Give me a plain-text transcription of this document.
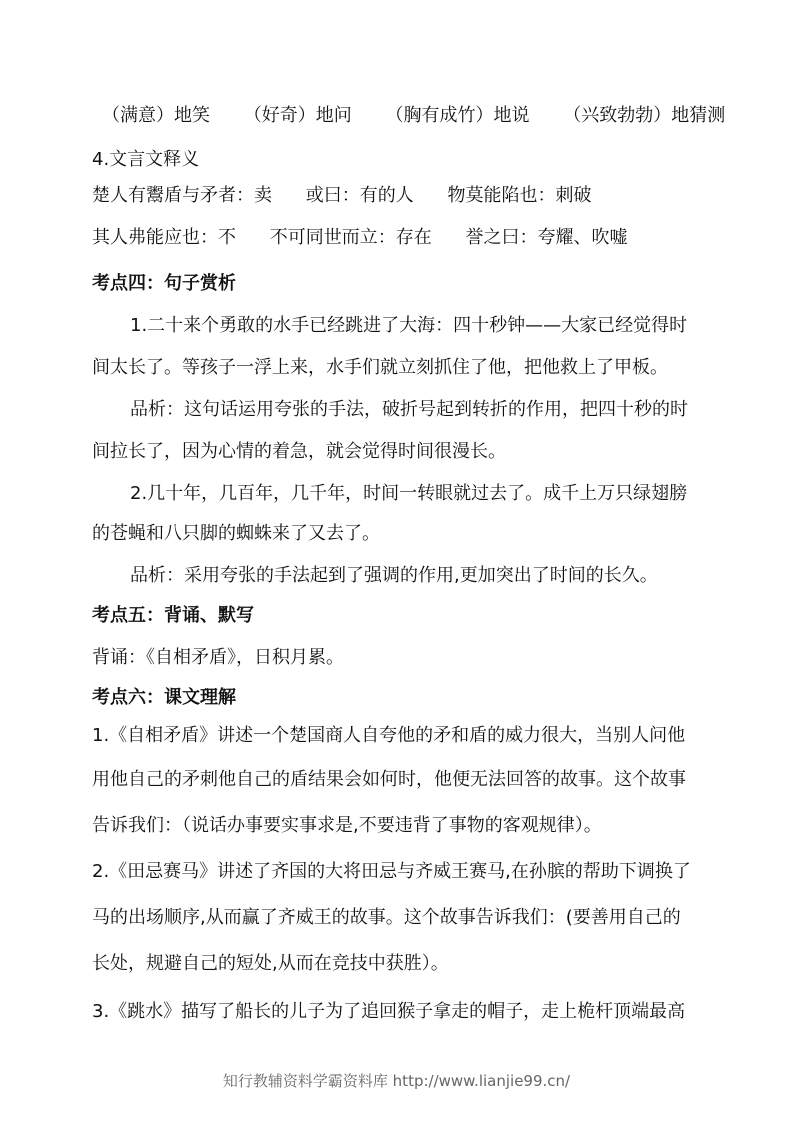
（满意）地笑 （好奇）地问 （胸有成竹）地说 （兴致勃勃）地猜测
4.文言文释义
楚人有鬻盾与矛者：卖 或曰：有的人 物莫能陷也：刺破
其人弗能应也：不 不可同世而立：存在 誉之曰：夸耀、吹嘘
考点四：句子赏析
1.二十来个勇敢的水手已经跳进了大海：四十秒钟——大家已经觉得时
间太长了。等孩子一浮上来，水手们就立刻抓住了他，把他救上了甲板。
品析：这句话运用夸张的手法，破折号起到转折的作用，把四十秒的时
间拉长了，因为心情的着急，就会觉得时间很漫长。
2.几十年，几百年，几千年，时间一转眼就过去了。成千上万只绿翅膀
的苍蝇和八只脚的蜘蛛来了又去了。
品析：采用夸张的手法起到了强调的作用,更加突出了时间的长久。
考点五：背诵、默写
背诵：《自相矛盾》，日积月累。
考点六：课文理解
1.《自相矛盾》讲述一个楚国商人自夸他的矛和盾的威力很大，当别人问他
用他自己的矛刺他自己的盾结果会如何时，他便无法回答的故事。这个故事
告诉我们：（说话办事要实事求是,不要违背了事物的客观规律）。
2.《田忌赛马》讲述了齐国的大将田忌与齐威王赛马,在孙膑的帮助下调换了
马的出场顺序,从而赢了齐威王的故事。这个故事告诉我们：(要善用自己的
长处，规避自己的短处,从而在竞技中获胜）。
3.《跳水》描写了船长的儿子为了追回猴子拿走的帽子，走上桅杆顶端最高
知行教辅资料学霸资料库 http://www.lianjie99.cn/
